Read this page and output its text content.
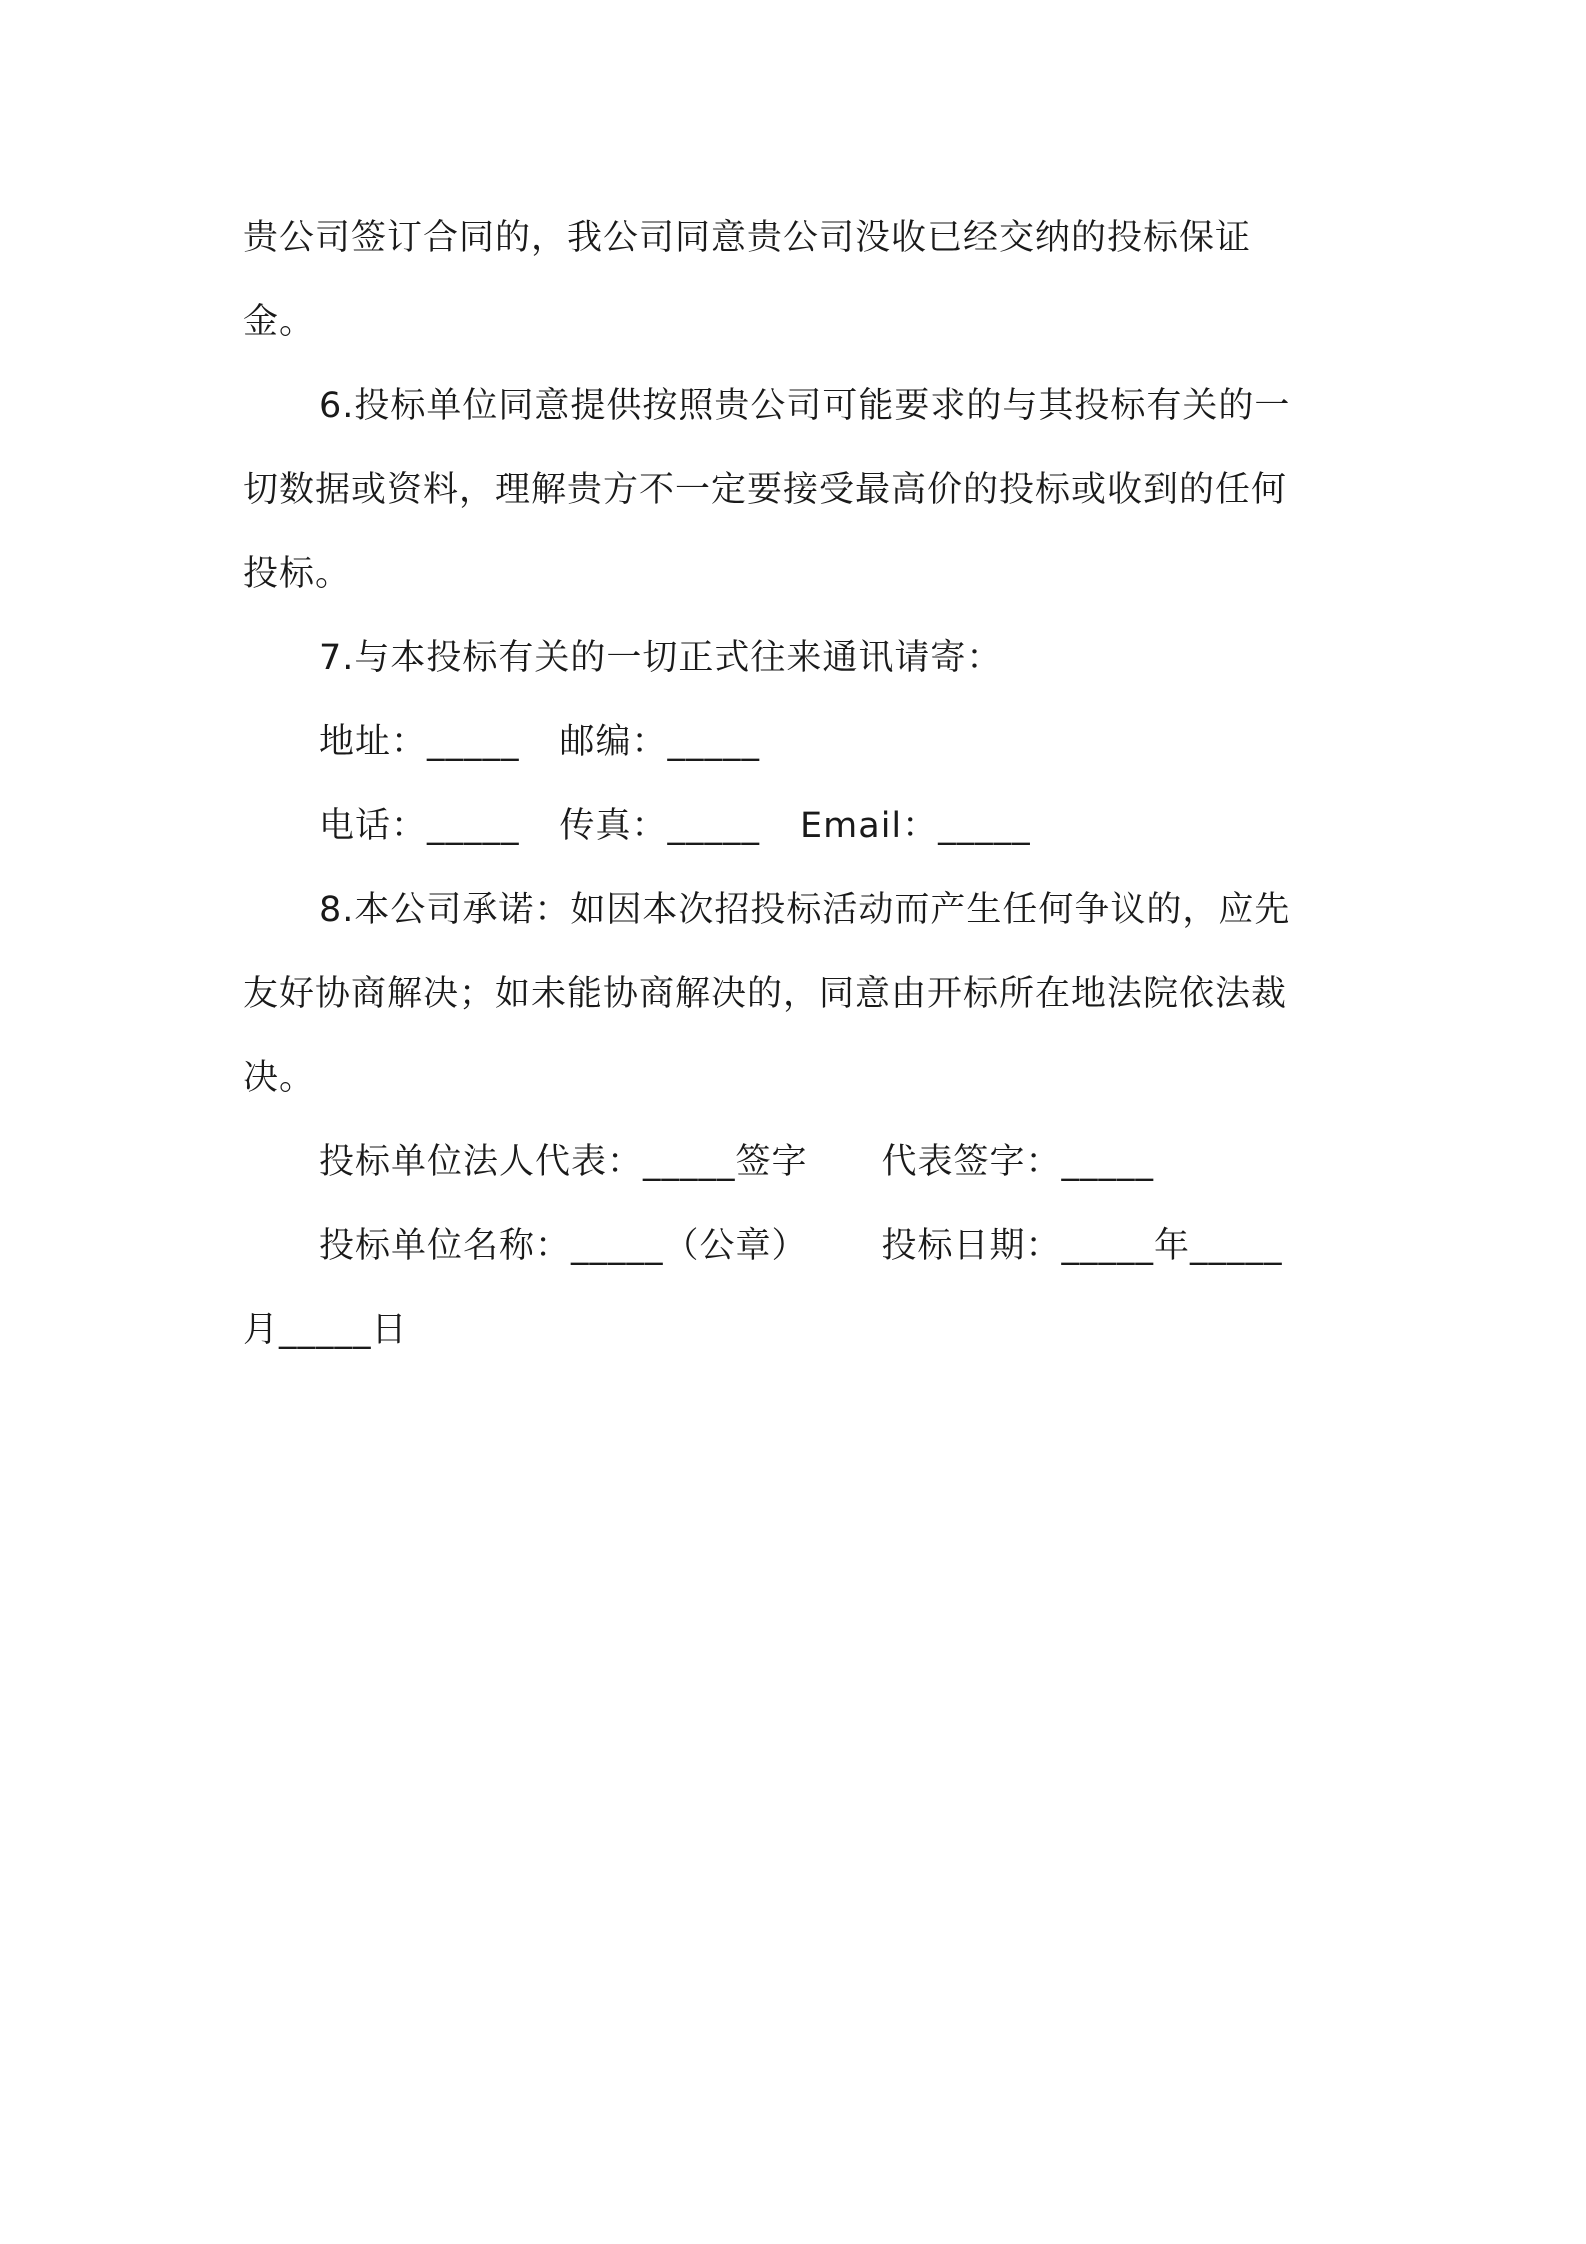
贵公司签订合同的，我公司同意贵公司没收已经交纳的投标保证
金。
6.投标单位同意提供按照贵公司可能要求的与其投标有关的一
切数据或资料，理解贵方不一定要接受最高价的投标或收到的任何
投标。
7.与本投标有关的一切正式往来通讯请寄：
地址：_____ 邮编：_____
电话：_____ 传真：_____ Email：_____
8.本公司承诺：如因本次招投标活动而产生任何争议的，应先
友好协商解决；如未能协商解决的，同意由开标所在地法院依法裁
决。
投标单位法人代表：_____签字 代表签字：_____
投标单位名称：_____（公章） 投标日期：_____年_____
月_____日
